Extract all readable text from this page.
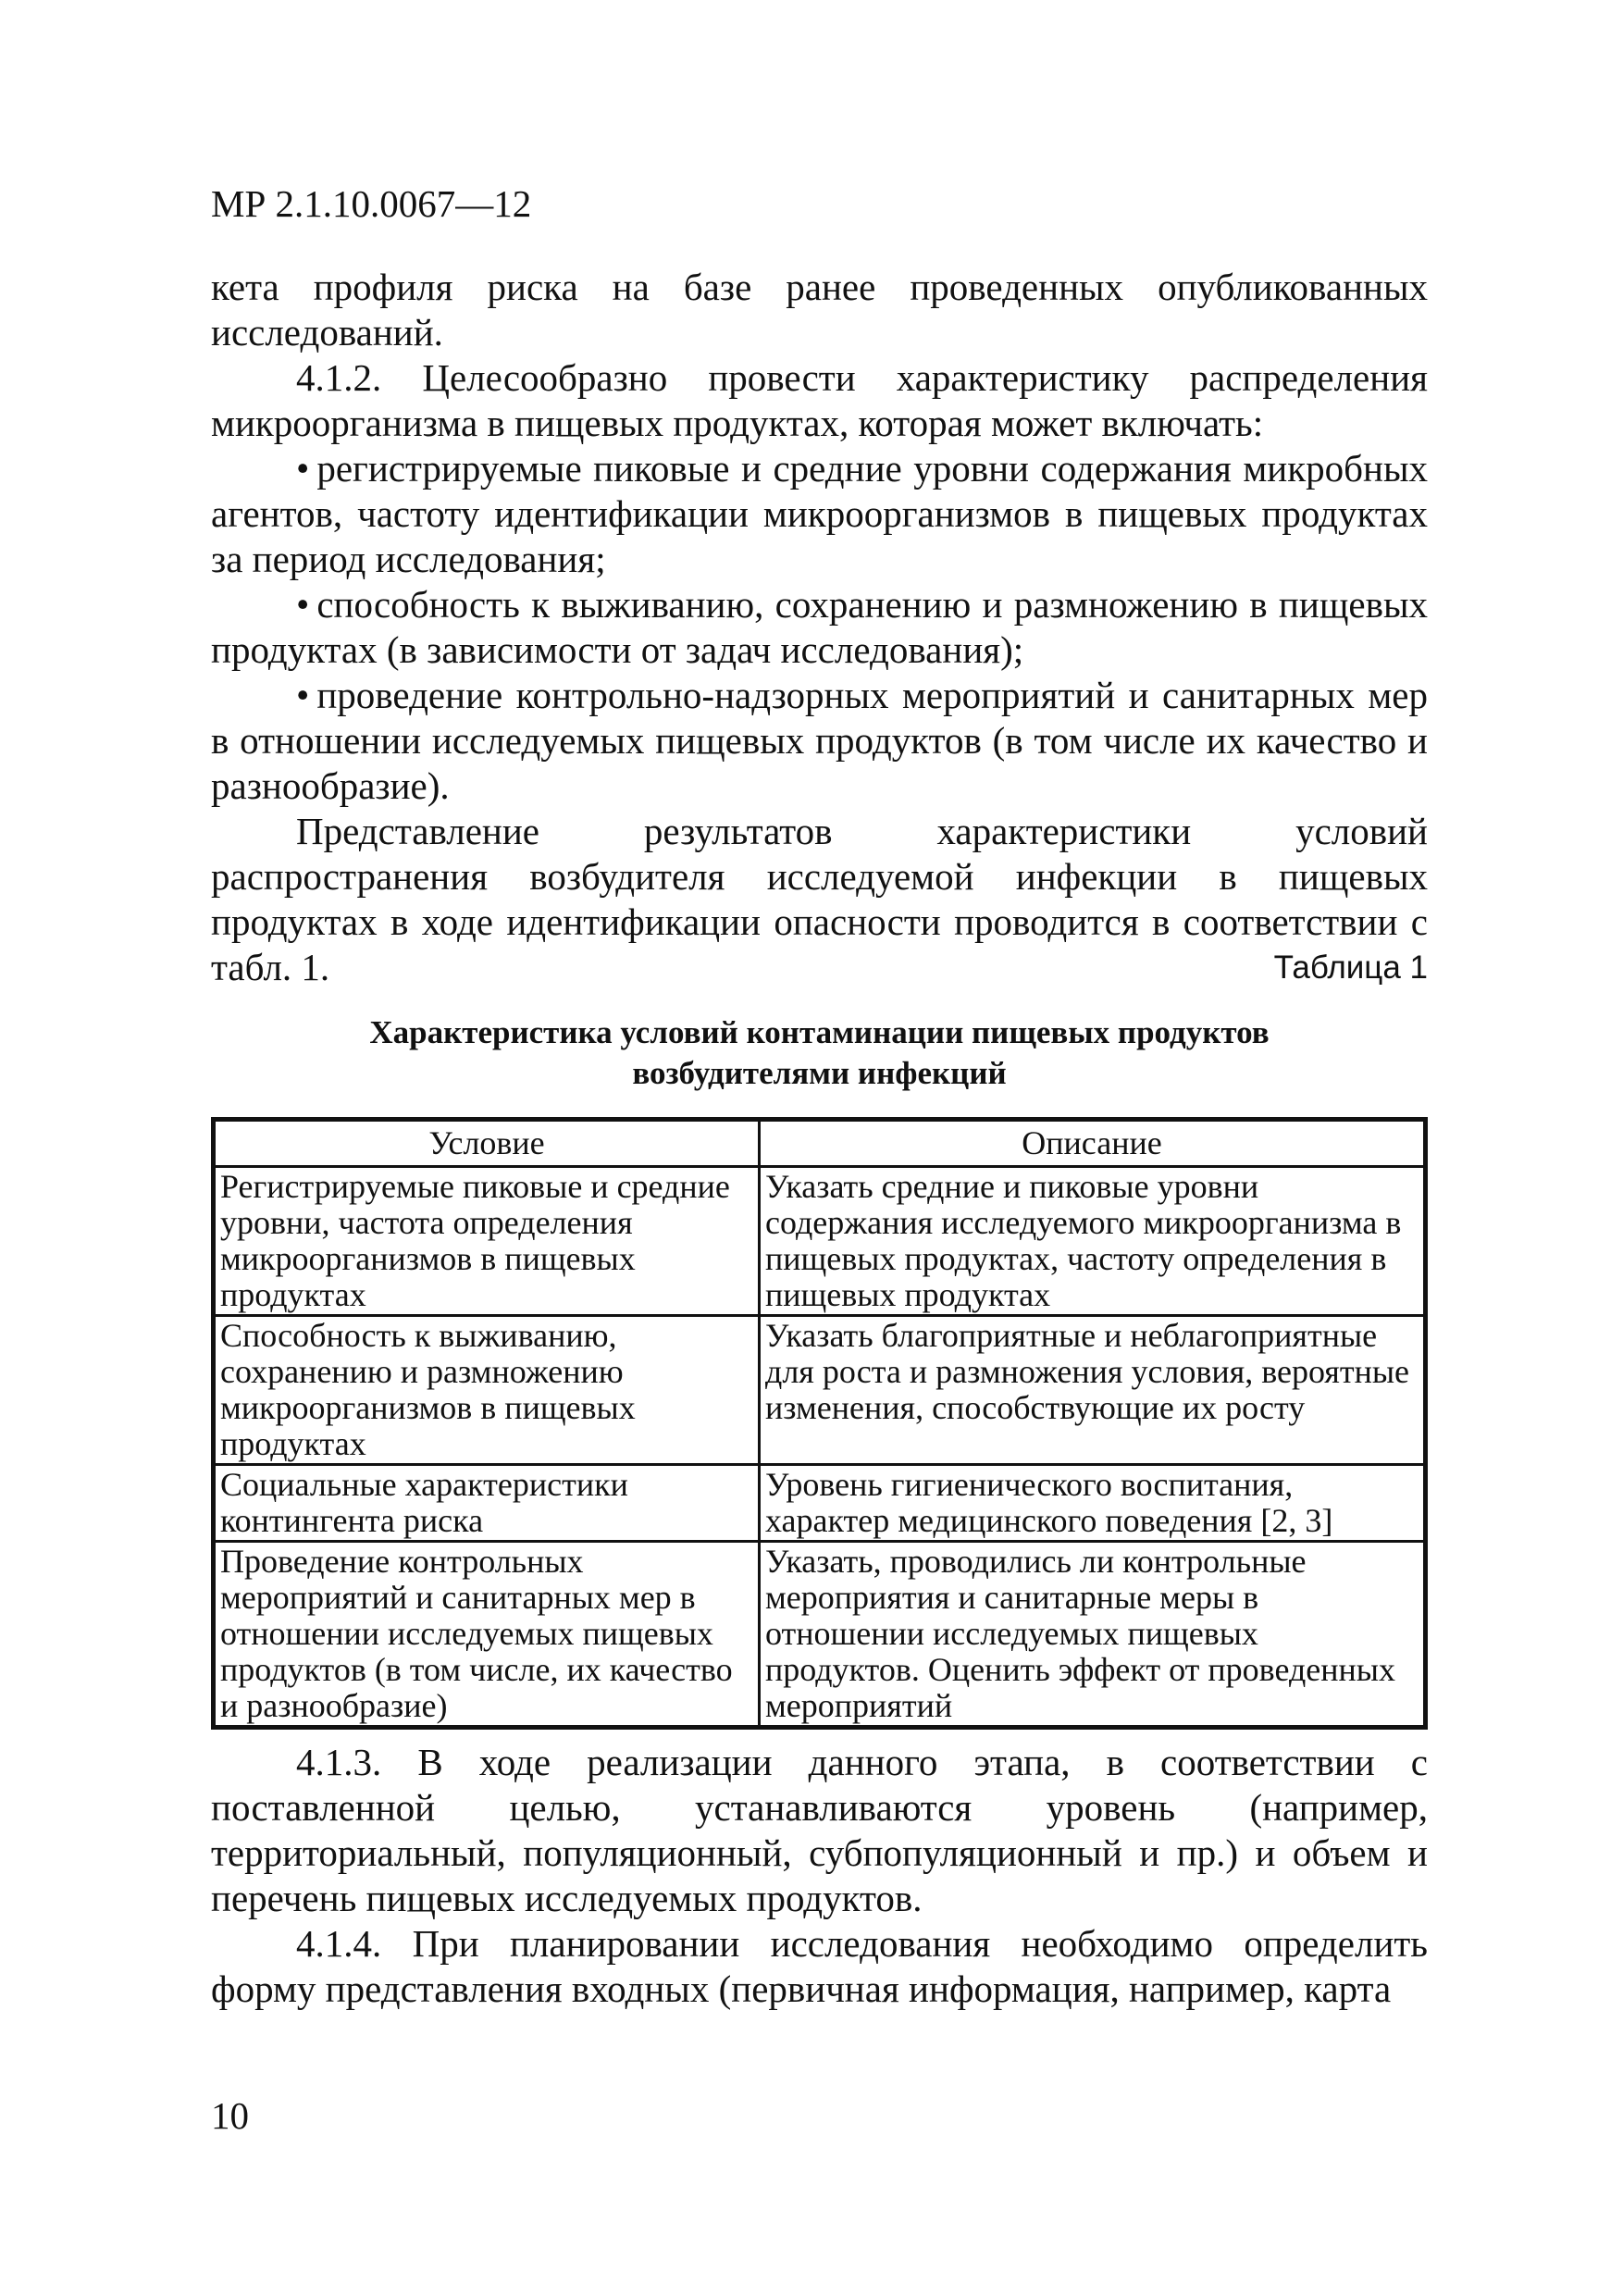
МР 2.1.10.0067—12

кета профиля риска на базе ранее проведенных опубликованных исследований.

4.1.2. Целесообразно провести характеристику распределения микроорганизма в пищевых продуктах, которая может включать:

• регистрируемые пиковые и средние уровни содержания микробных агентов, частоту идентификации микроорганизмов в пищевых продуктах за период исследования;

• способность к выживанию, сохранению и размножению в пищевых продуктах (в зависимости от задач исследования);

• проведение контрольно-надзорных мероприятий и санитарных мер в отношении исследуемых пищевых продуктов (в том числе их качество и разнообразие).

Представление результатов характеристики условий распространения возбудителя исследуемой инфекции в пищевых продуктах в ходе идентификации опасности проводится в соответствии с табл. 1.	Таблица 1
Характеристика условий контаминации пищевых продуктов
возбудителями инфекций
Условие	Описание
Регистрируемые пиковые и средние уровни, частота определения микроорганизмов в пищевых продуктах	Указать средние и пиковые уровни содержания исследуемого микроорганизма в пищевых продуктах, частоту определения в пищевых продуктах
Способность к выживанию, сохранению и размножению микроорганизмов в пищевых продуктах	Указать благоприятные и неблагоприятные для роста и размножения условия, вероятные изменения, способствующие их росту
Социальные характеристики контингента риска	Уровень гигиенического воспитания, характер медицинского поведения [2, 3]
Проведение контрольных мероприятий и санитарных мер в отношении исследуемых пищевых продуктов (в том числе, их качество и разнообразие)	Указать, проводились ли контрольные мероприятия и санитарные меры в отношении исследуемых пищевых продуктов. Оценить эффект от проведенных мероприятий

4.1.3. В ходе реализации данного этапа, в соответствии с поставленной целью, устанавливаются уровень (например, территориальный, популяционный, субпопуляционный и пр.) и объем и перечень пищевых исследуемых продуктов.

4.1.4. При планировании исследования необходимо определить форму представления входных (первичная информация, например, карта

10
